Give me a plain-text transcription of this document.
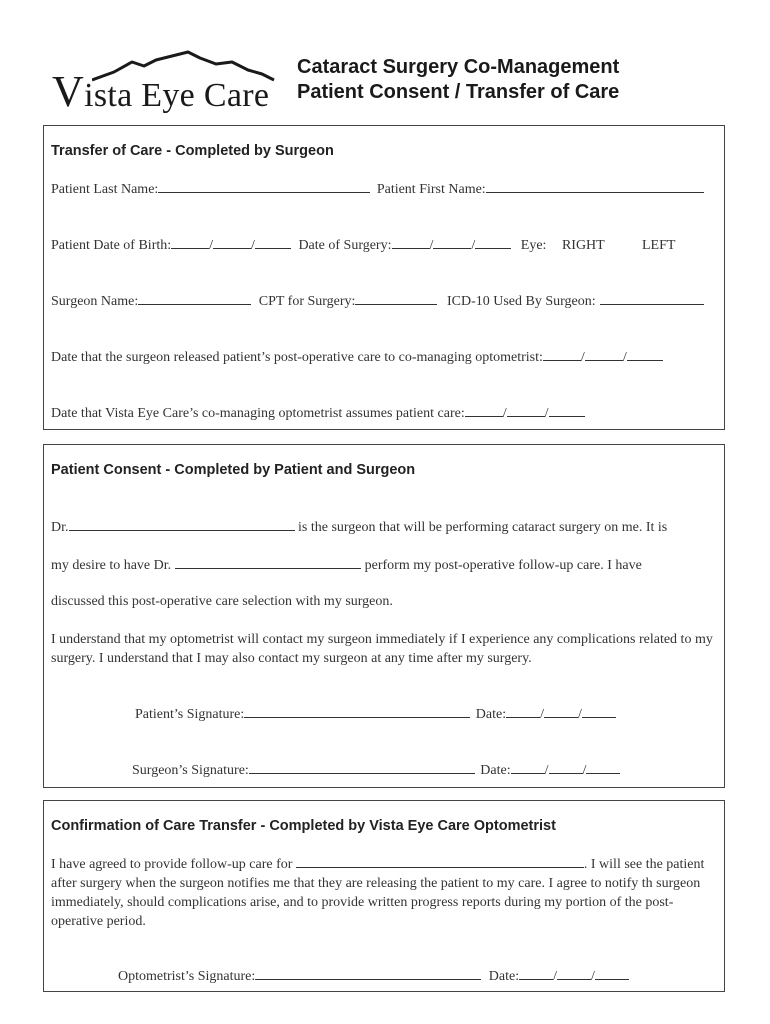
Vista Eye Care
Cataract Surgery Co-Management
Patient Consent / Transfer of Care
Transfer of Care - Completed by Surgeon
Patient Last Name:	Patient First Name:
Patient Date of Birth:	/	/	Date of Surgery:	/	/	Eye: RIGHT	LEFT
Surgeon Name:	CPT for Surgery:	ICD-10 Used By Surgeon:
Date that the surgeon released patient’s post-operative care to co-managing optometrist:	/	/
Date that Vista Eye Care’s co-managing optometrist assumes patient care:	/	/
Patient Consent - Completed by Patient and Surgeon
Dr.	is the surgeon that will be performing cataract surgery on me. It is
my desire to have Dr.	perform my post-operative follow-up care. I have
discussed this post-operative care selection with my surgeon.
I understand that my optometrist will contact my surgeon immediately if I experience any complications related to my surgery. I understand that I may also contact my surgeon at any time after my surgery.
Patient’s Signature:	Date: / /
Surgeon’s Signature:	Date: / /
Confirmation of Care Transfer - Completed by Vista Eye Care Optometrist
I have agreed to provide follow-up care for	. I will see the patient after surgery when the surgeon notifies me that they are releasing the patient to my care. I agree to notify th surgeon immediately, should complications arise, and to provide written progress reports during my portion of the post-operative period.
Optometrist’s Signature:	Date: / /
